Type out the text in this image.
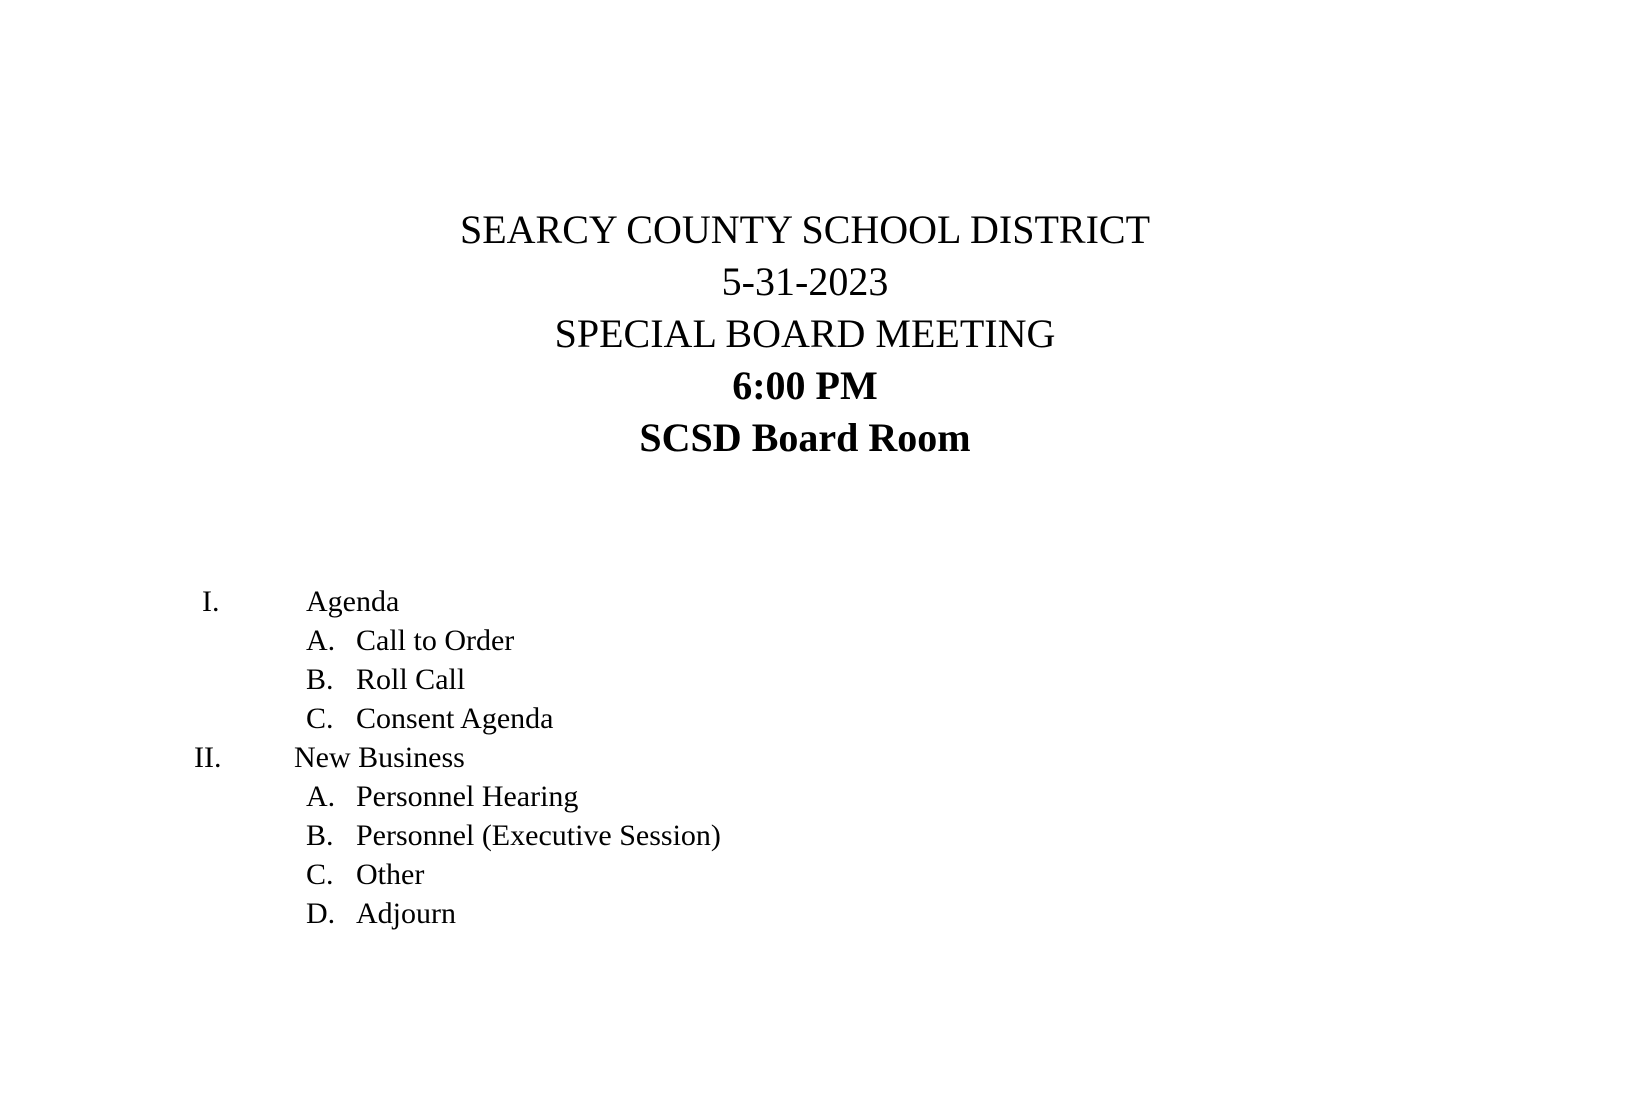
SEARCY COUNTY SCHOOL DISTRICT
5-31-2023
SPECIAL BOARD MEETING
6:00 PM
SCSD Board Room
I.	Agenda
A. Call to Order
B. Roll Call
C. Consent Agenda
II. New Business
A. Personnel Hearing
B. Personnel (Executive Session)
C. Other
D. Adjourn
